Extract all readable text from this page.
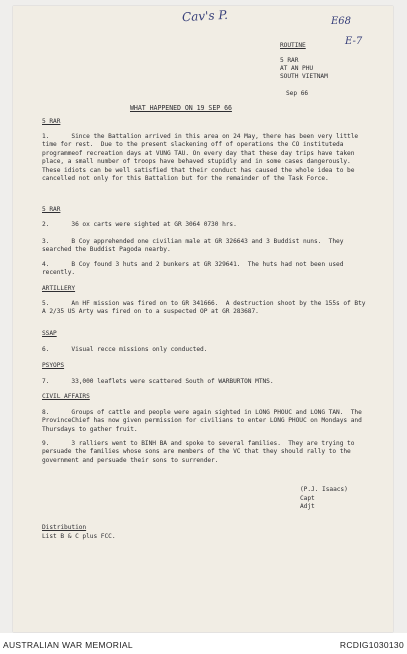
Cav's P.	E68
E-7
ROUTINE
5 RAR
AT AN PHU
SOUTH VIETNAM
Sep 66
WHAT HAPPENED ON 19 SEP 66
5 RAR
1.      Since the Battalion arrived in this area on 24 May, there has been very little time for rest.  Due to the present slackening off of operations the CO instituteda programmeof recreation days at VUNG TAU. On every day that these day trips have taken place, a small number of troops have behaved stupidly and in some cases dangerously.  These idiots can be well satisfied that their conduct has caused the whole idea to be cancelled not only for this Battalion but for the remainder of the Task Force.
5 RAR
2.      36 ox carts were sighted at GR 3064 0730 hrs.
3.      B Coy apprehended one civilian male at GR 326643 and 3 Buddist nuns.  They searched the Buddist Pagoda nearby.
4.      B Coy found 3 huts and 2 bunkers at GR 329641.  The huts had not been used recently.
ARTILLERY
5.      An HF mission was fired on to GR 341666.  A destruction shoot by the 155s of Bty A 2/35 US Arty was fired on to a suspected OP at GR 283687.
SSAP
6.      Visual recce missions only conducted.
PSYOPS
7.      33,000 leaflets were scattered South of WARBURTON MTNS.
CIVIL AFFAIRS
8.      Groups of cattle and people were again sighted in LONG PHOUC and LONG TAN.  The ProvinceChief has now given permission for civilians to enter LONG PHOUC on Mondays and Thursdays to gather fruit.
9.      3 ralliers went to BINH BA and spoke to several families.  They are trying to persuade the families whose sons are members of the VC that they should rally to the government and persuade their sons to surrender.
(P.J. Isaacs)
Capt
Adjt
Distribution
List B & C plus FCC.
AUSTRALIAN WAR MEMORIAL	RCDIG1030130
